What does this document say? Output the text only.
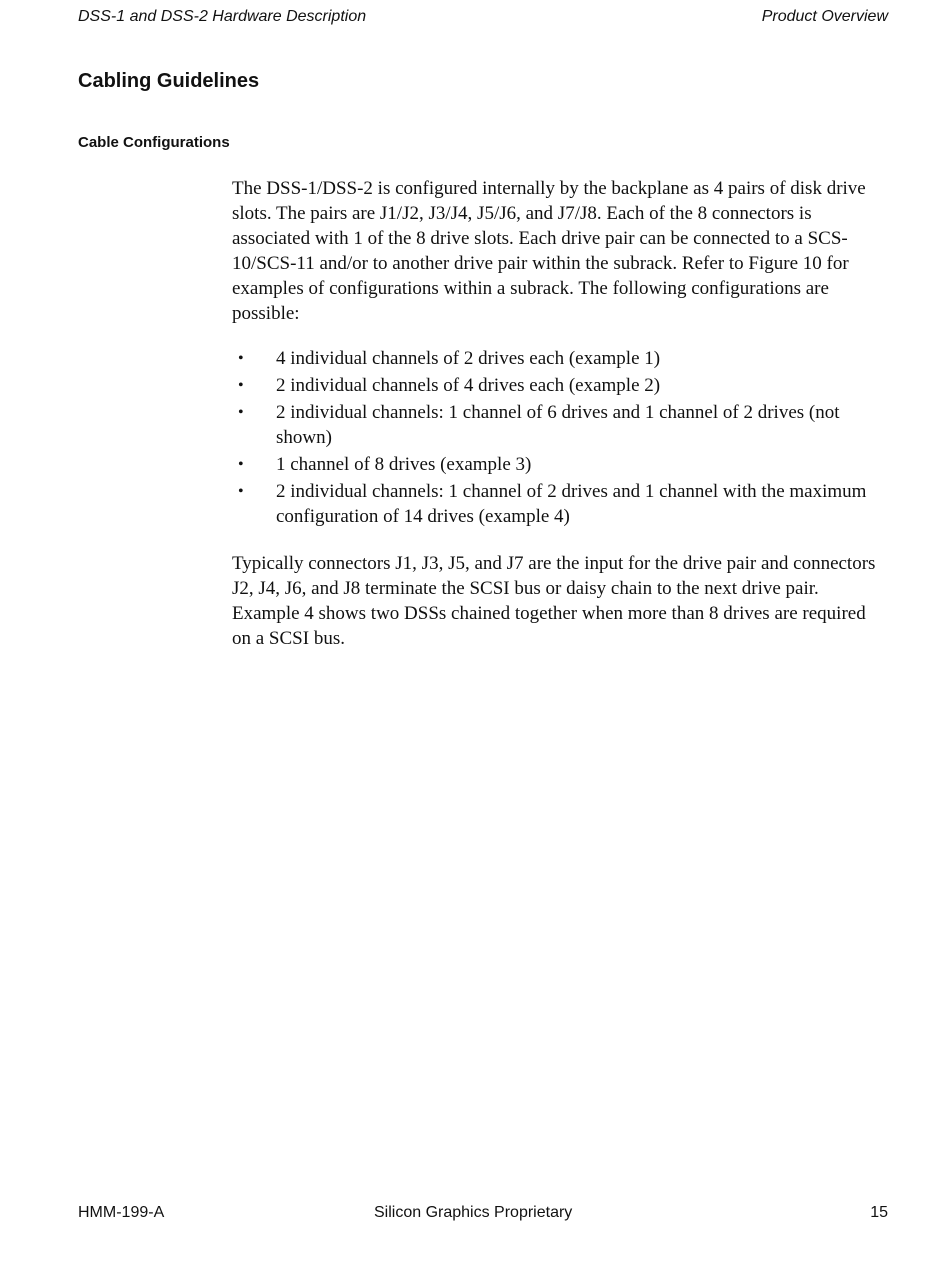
DSS-1 and DSS-2 Hardware Description	Product Overview
Cabling Guidelines
Cable Configurations

The DSS-1/DSS-2 is configured internally by the backplane as 4 pairs of disk drive slots. The pairs are J1/J2, J3/J4, J5/J6, and J7/J8. Each of the 8 connectors is associated with 1 of the 8 drive slots. Each drive pair can be connected to a SCS-10/SCS-11 and/or to another drive pair within the subrack. Refer to Figure 10 for examples of configurations within a subrack. The following configurations are possible:

• 4 individual channels of 2 drives each (example 1)
• 2 individual channels of 4 drives each (example 2)
• 2 individual channels: 1 channel of 6 drives and 1 channel of 2 drives (not shown)
• 1 channel of 8 drives (example 3)
• 2 individual channels: 1 channel of 2 drives and 1 channel with the maximum configuration of 14 drives (example 4)

Typically connectors J1, J3, J5, and J7 are the input for the drive pair and connectors J2, J4, J6, and J8 terminate the SCSI bus or daisy chain to the next drive pair. Example 4 shows two DSSs chained together when more than 8 drives are required on a SCSI bus.

HMM-199-A	Silicon Graphics Proprietary	15
